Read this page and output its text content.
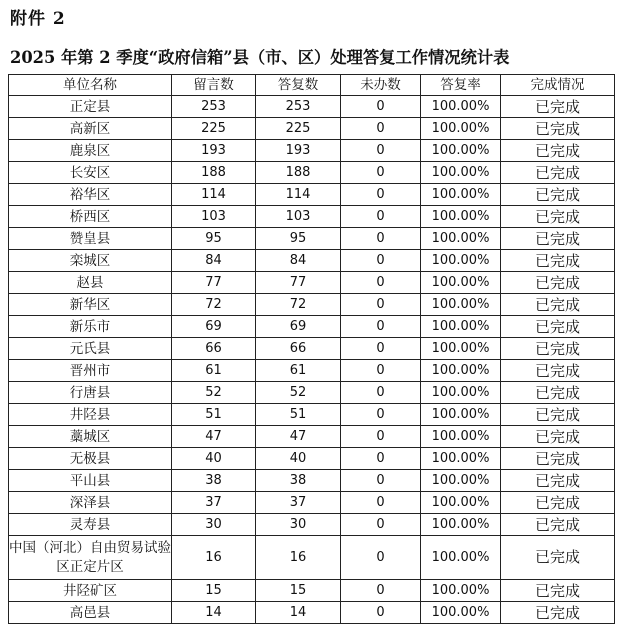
附件 2
2025 年第 2 季度“政府信箱”县（市、区）处理答复工作情况统计表
单位名称	留言数	答复数	未办数	答复率	完成情况
正定县	253	253	0	100.00%	已完成
高新区	225	225	0	100.00%	已完成
鹿泉区	193	193	0	100.00%	已完成
长安区	188	188	0	100.00%	已完成
裕华区	114	114	0	100.00%	已完成
桥西区	103	103	0	100.00%	已完成
赞皇县	95	95	0	100.00%	已完成
栾城区	84	84	0	100.00%	已完成
赵县	77	77	0	100.00%	已完成
新华区	72	72	0	100.00%	已完成
新乐市	69	69	0	100.00%	已完成
元氏县	66	66	0	100.00%	已完成
晋州市	61	61	0	100.00%	已完成
行唐县	52	52	0	100.00%	已完成
井陉县	51	51	0	100.00%	已完成
藁城区	47	47	0	100.00%	已完成
无极县	40	40	0	100.00%	已完成
平山县	38	38	0	100.00%	已完成
深泽县	37	37	0	100.00%	已完成
灵寿县	30	30	0	100.00%	已完成
中国（河北）自由贸易试验区正定片区	16	16	0	100.00%	已完成
井陉矿区	15	15	0	100.00%	已完成
高邑县	14	14	0	100.00%	已完成
